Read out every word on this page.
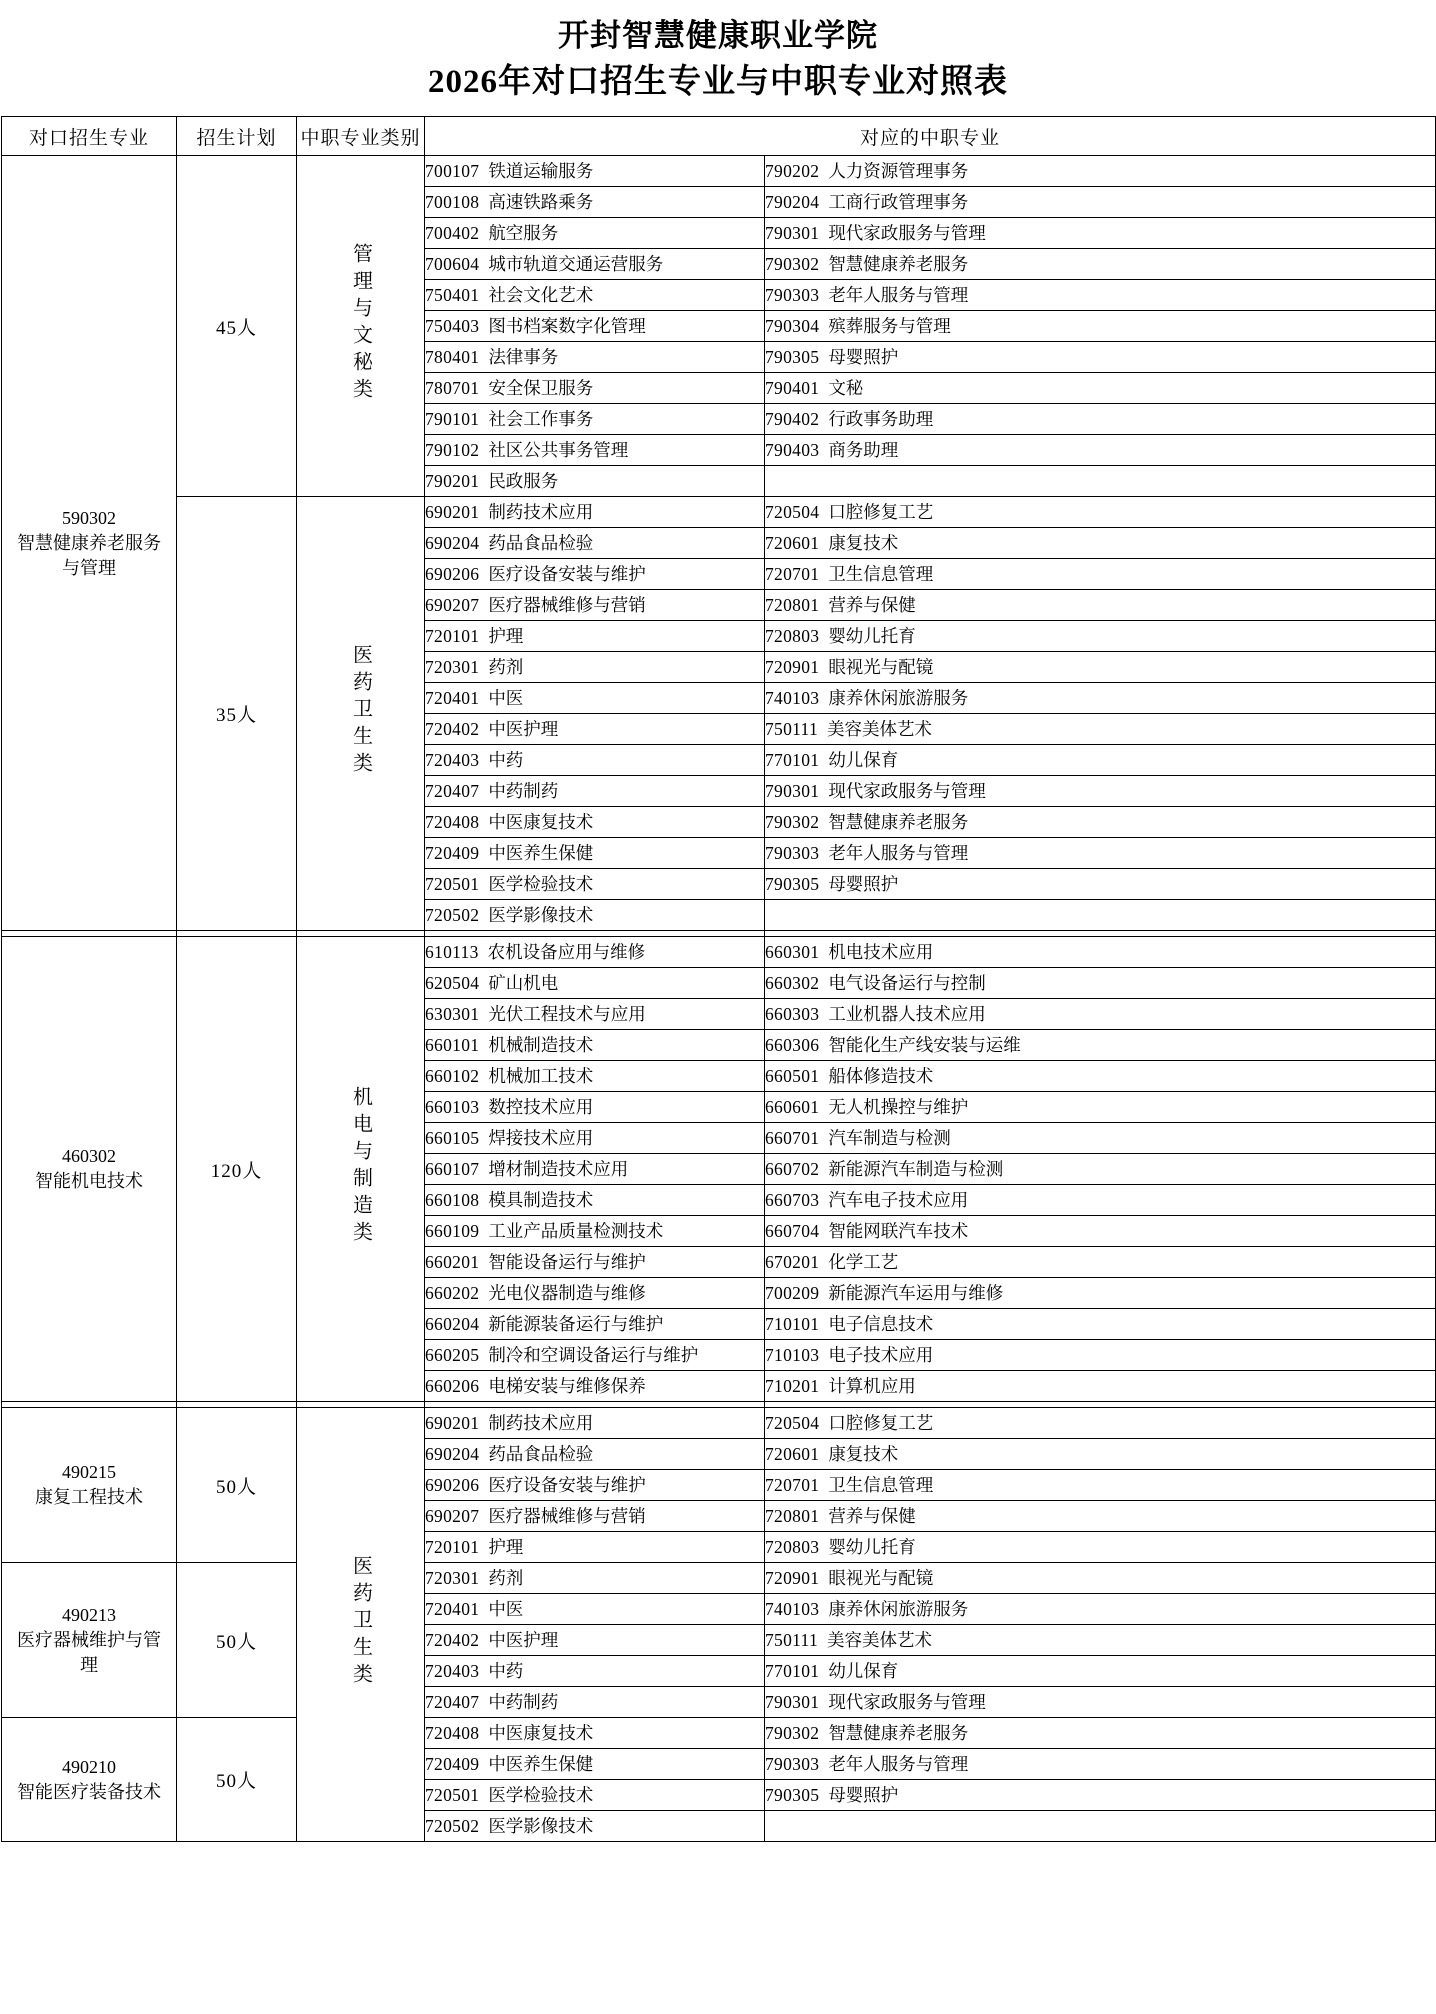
开封智慧健康职业学院
2026年对口招生专业与中职专业对照表
对口招生专业	招生计划	中职专业类别	对应的中职专业	

590302
智慧健康养老服务
与管理	45人	管理与文秘类	700107 铁道运输服务	790202 人力资源管理事务
			700108 高速铁路乘务	790204 工商行政管理事务
			700402 航空服务	790301 现代家政服务与管理
			700604 城市轨道交通运营服务	790302 智慧健康养老服务
			750401 社会文化艺术	790303 老年人服务与管理
			750403 图书档案数字化管理	790304 殡葬服务与管理
			780401 法律事务	790305 母婴照护
			780701 安全保卫服务	790401 文秘
			790101 社会工作事务	790402 行政事务助理
			790102 社区公共事务管理	790403 商务助理
			790201 民政服务	
	35人	医药卫生类	690201 制药技术应用	720504 口腔修复工艺
			690204 药品食品检验	720601 康复技术
			690206 医疗设备安装与维护	720701 卫生信息管理
			690207 医疗器械维修与营销	720801 营养与保健
			720101 护理	720803 婴幼儿托育
			720301 药剂	720901 眼视光与配镜
			720401 中医	740103 康养休闲旅游服务
			720402 中医护理	750111 美容美体艺术
			720403 中药	770101 幼儿保育
			720407 中药制药	790301 现代家政服务与管理
			720408 中医康复技术	790302 智慧健康养老服务
			720409 中医养生保健	790303 老年人服务与管理
			720501 医学检验技术	790305 母婴照护
			720502 医学影像技术	

460302
智能机电技术	120人	机电与制造类	610113 农机设备应用与维修	660301 机电技术应用
			620504 矿山机电	660302 电气设备运行与控制
			630301 光伏工程技术与应用	660303 工业机器人技术应用
			660101 机械制造技术	660306 智能化生产线安装与运维
			660102 机械加工技术	660501 船体修造技术
			660103 数控技术应用	660601 无人机操控与维护
			660105 焊接技术应用	660701 汽车制造与检测
			660107 增材制造技术应用	660702 新能源汽车制造与检测
			660108 模具制造技术	660703 汽车电子技术应用
			660109 工业产品质量检测技术	660704 智能网联汽车技术
			660201 智能设备运行与维护	670201 化学工艺
			660202 光电仪器制造与维修	700209 新能源汽车运用与维修
			660204 新能源装备运行与维护	710101 电子信息技术
			660205 制冷和空调设备运行与维护	710103 电子技术应用
			660206 电梯安装与维修保养	710201 计算机应用

490215
康复工程技术	50人	医药卫生类	690201 制药技术应用	720504 口腔修复工艺
			690204 药品食品检验	720601 康复技术
			690206 医疗设备安装与维护	720701 卫生信息管理
			690207 医疗器械维修与营销	720801 营养与保健
			720101 护理	720803 婴幼儿托育

490213
医疗器械维护与管
理	50人		720301 药剂	720901 眼视光与配镜
			720401 中医	740103 康养休闲旅游服务
			720402 中医护理	750111 美容美体艺术
			720403 中药	770101 幼儿保育
			720407 中药制药	790301 现代家政服务与管理

490210
智能医疗装备技术	50人		720408 中医康复技术	790302 智慧健康养老服务
			720409 中医养生保健	790303 老年人服务与管理
			720501 医学检验技术	790305 母婴照护
			720502 医学影像技术	
